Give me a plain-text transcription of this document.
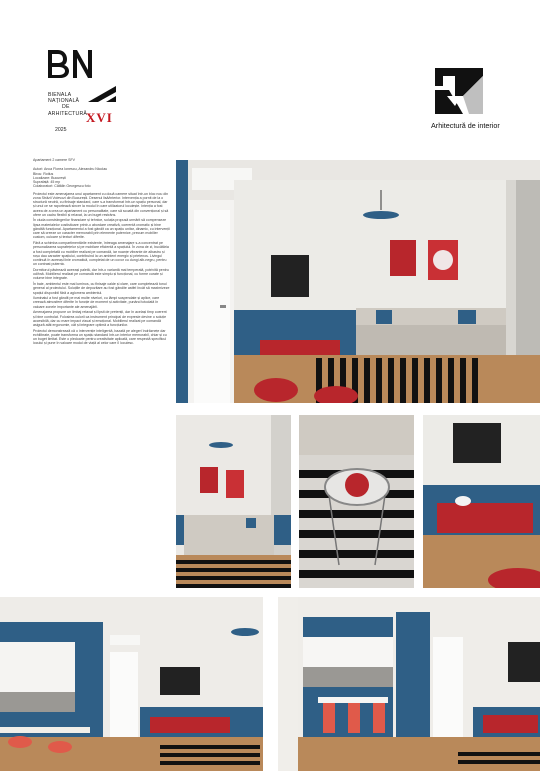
BIENALA
NAȚIONALĂ
DE
ARHITECTURĂ
XVI
2025	Arhitectură de interior
Apartament 2 camere SFV
Autori: Anca Florea Ionescu, Alexandru Nicolau
Birou: Rotlus
Localizare: București
Suprafață: 45 mp
Colaboratori: Cătălin Georgescu foto

Proiectul este amenajarea unui apartament cu două camere situat într-un bloc nou din zona Străzii Voievozi din București. Desenul lisă/interior. Intervenția a pornit de la o structură neutră, cu finisaje standard, care s-a transformat într-un spațiu personal, dar și unul ce se raportează sincer la modul în care utilizatorul locuiește. Intenția a fost aceea de a crea un apartament cu personalitate, care să scoată din convențional și să ofere un cadru flexibil și relaxat, la un buget restrâns.

În ciuda constrângerilor financiare și tehnice, soluția propusă urmărit să compenseze lipsa materialelor costisitoare printr-o abordare creativă, coerentă cromatic și bine gândită funcțional. Apartamentul a fost gândit ca un spațiu unitar, dinamic, cu intervenții care să creeze un caracter memorabil prin elemente puternice, precum mobilier custom, culoare și texturi diferite.

Fără a schimba compartimentările existente, întreaga amenajare s-a concentrat pe personalizarea suprafețelor și pe mobilare eficientă a spațiului. În zona de zi, bucătăria a fost completată cu mobilier realizat pe comandă, iar nuanțe vibrante de albastru și roșu dau caracter spațiului, contribuind la un ambient energic și prietenos. Livingul continuă în aceeași linie cromatică, completat de un covor cu dungi alb-negru, pentru un contrast puternic.

Dormitorul păstrează aceeași paletă, dar într-o variantă mai temperată, potrivită pentru odihnă. Mobilierul realizat pe comandă este simplu și funcțional, cu forme curate și volume bine integrate.

În baie, ambientul este mai luminos, cu finisaje calde și clare, care completează tonul general al proiectului. Soluțiile de depozitare au fost gândite astfel încât să maximizeze spațiul disponibil fără a aglomera ambientul.

Iluminatul a fost gândit pe mai multe niveluri, cu lămpi suspendate și aplice, care creează atmosfere diferite în funcție de moment și activitate, punând totodată în valoare zonele importante ale amenajării.

Amenajarea propune un limbaj relaxat și lipsit de pretenții, dar în același timp coerent și bine controlat. Folosirea culorii ca instrument principal de expresie devine o soluție accesibilă, dar cu mare impact vizual și emoțional. Mobilierul realizat pe comandă asigură atât ergonomie, cât și integrare optimă a funcțiunilor.

Proiectul demonstrează că o intervenție inteligentă, bazată pe alegeri îndrăznețe dar echilibrate, poate transforma un spațiu standard într-un interior memorabil, chiar și cu un buget limitat. Este o pledoarie pentru creativitate aplicată, care respectă specificul locului și pune în valoare modul de viață al celor care îl locuiesc.
